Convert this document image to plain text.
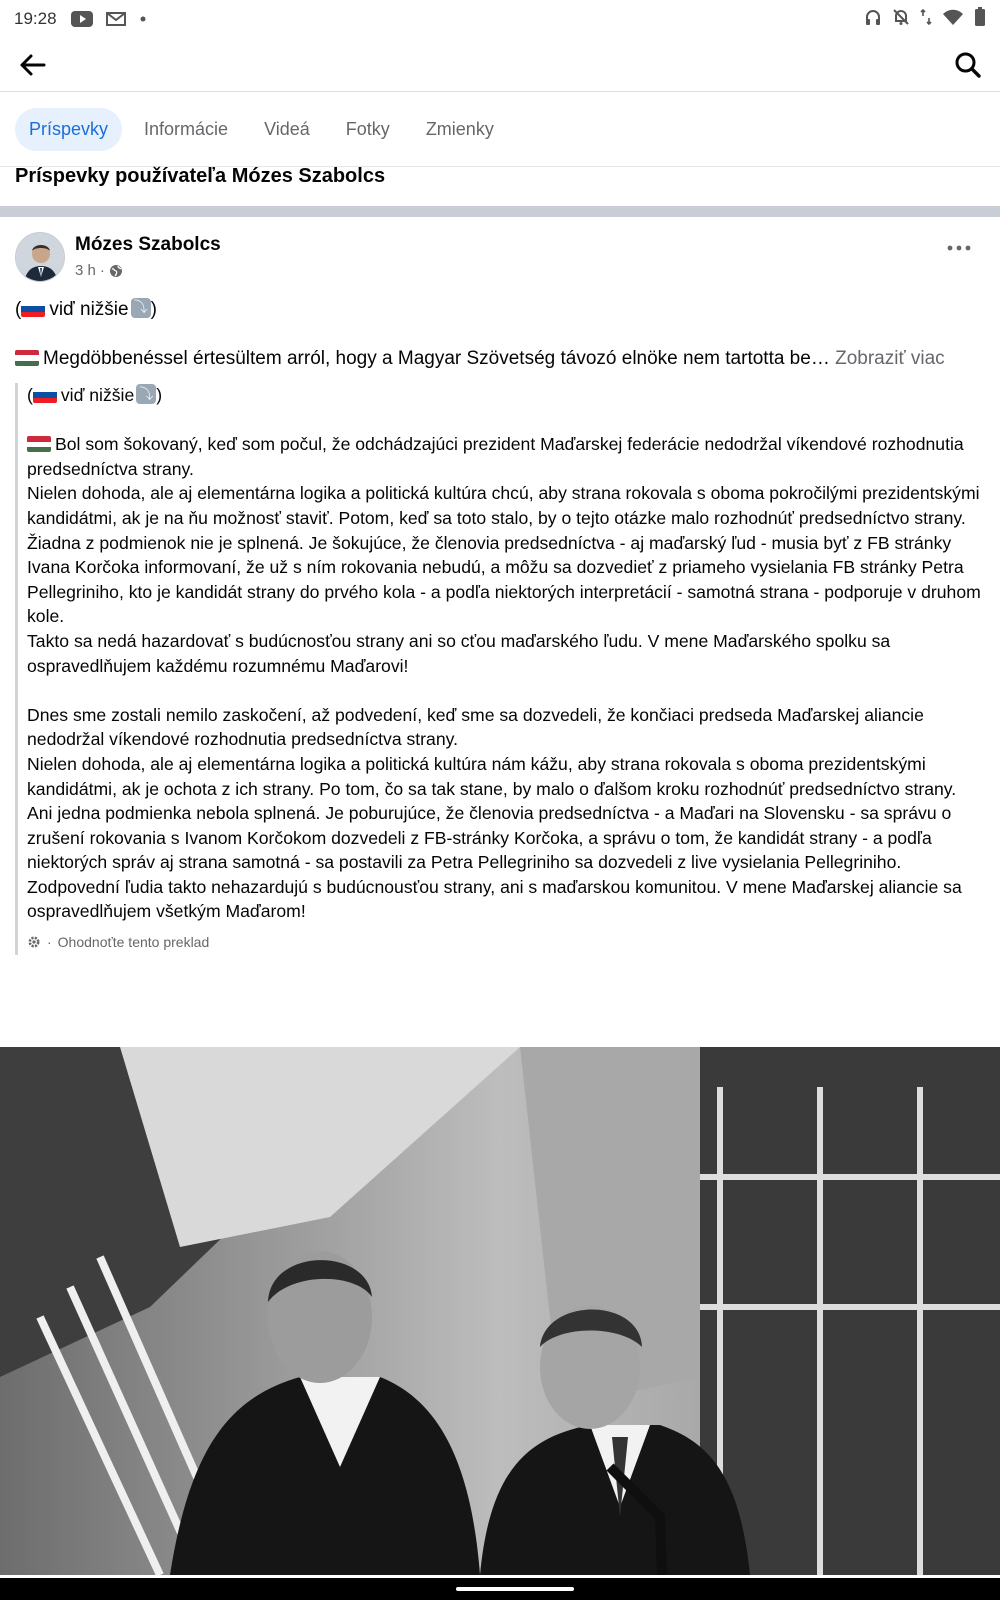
19:28
Príspevky	Informácie	Videá	Fotky	Zmienky
Príspevky používateľa Mózes Szabolcs
Mózes Szabolcs
3 h ·
( viď nižšie ⤵ )
Megdöbbenéssel értesültem arról, hogy a Magyar Szövetség távozó elnöke nem tartotta be… Zobraziť viac
( viď nižšie ⤵ )
Bol som šokovaný, keď som počul, že odchádzajúci prezident Maďarskej federácie nedodržal víkendové rozhodnutia predsedníctva strany.
Nielen dohoda, ale aj elementárna logika a politická kultúra chcú, aby strana rokovala s oboma pokročilými prezidentskými kandidátmi, ak je na ňu možnosť staviť. Potom, keď sa toto stalo, by o tejto otázke malo rozhodnúť predsedníctvo strany.
Žiadna z podmienok nie je splnená. Je šokujúce, že členovia predsedníctva - aj maďarský ľud - musia byť z FB stránky Ivana Korčoka informovaní, že už s ním rokovania nebudú, a môžu sa dozvedieť z priameho vysielania FB stránky Petra Pellegriniho, kto je kandidát strany do prvého kola - a podľa niektorých interpretácií - samotná strana - podporuje v druhom kole.
Takto sa nedá hazardovať s budúcnosťou strany ani so cťou maďarského ľudu. V mene Maďarského spolku sa ospravedlňujem každému rozumnému Maďarovi!
Dnes sme zostali nemilo zaskočení, až podvedení, keď sme sa dozvedeli, že končiaci predseda Maďarskej aliancie nedodržal víkendové rozhodnutia predsedníctva strany.
Nielen dohoda, ale aj elementárna logika a politická kultúra nám kážu, aby strana rokovala s oboma prezidentskými kandidátmi, ak je ochota z ich strany. Po tom, čo sa tak stane, by malo o ďalšom kroku rozhodnúť predsedníctvo strany.
Ani jedna podmienka nebola splnená. Je poburujúce, že členovia predsedníctva - a Maďari na Slovensku - sa správu o zrušení rokovania s Ivanom Korčokom dozvedeli z FB-stránky Korčoka, a správu o tom, že kandidát strany - a podľa niektorých správ aj strana samotná - sa postavili za Petra Pellegriniho sa dozvedeli z live vysielania Pellegriniho.
Zodpovední ľudia takto nehazardujú s budúcnousťou strany, ani s maďarskou komunitou. V mene Maďarskej aliancie sa ospravedlňujem všetkým Maďarom!
· Ohodnoťte tento preklad
